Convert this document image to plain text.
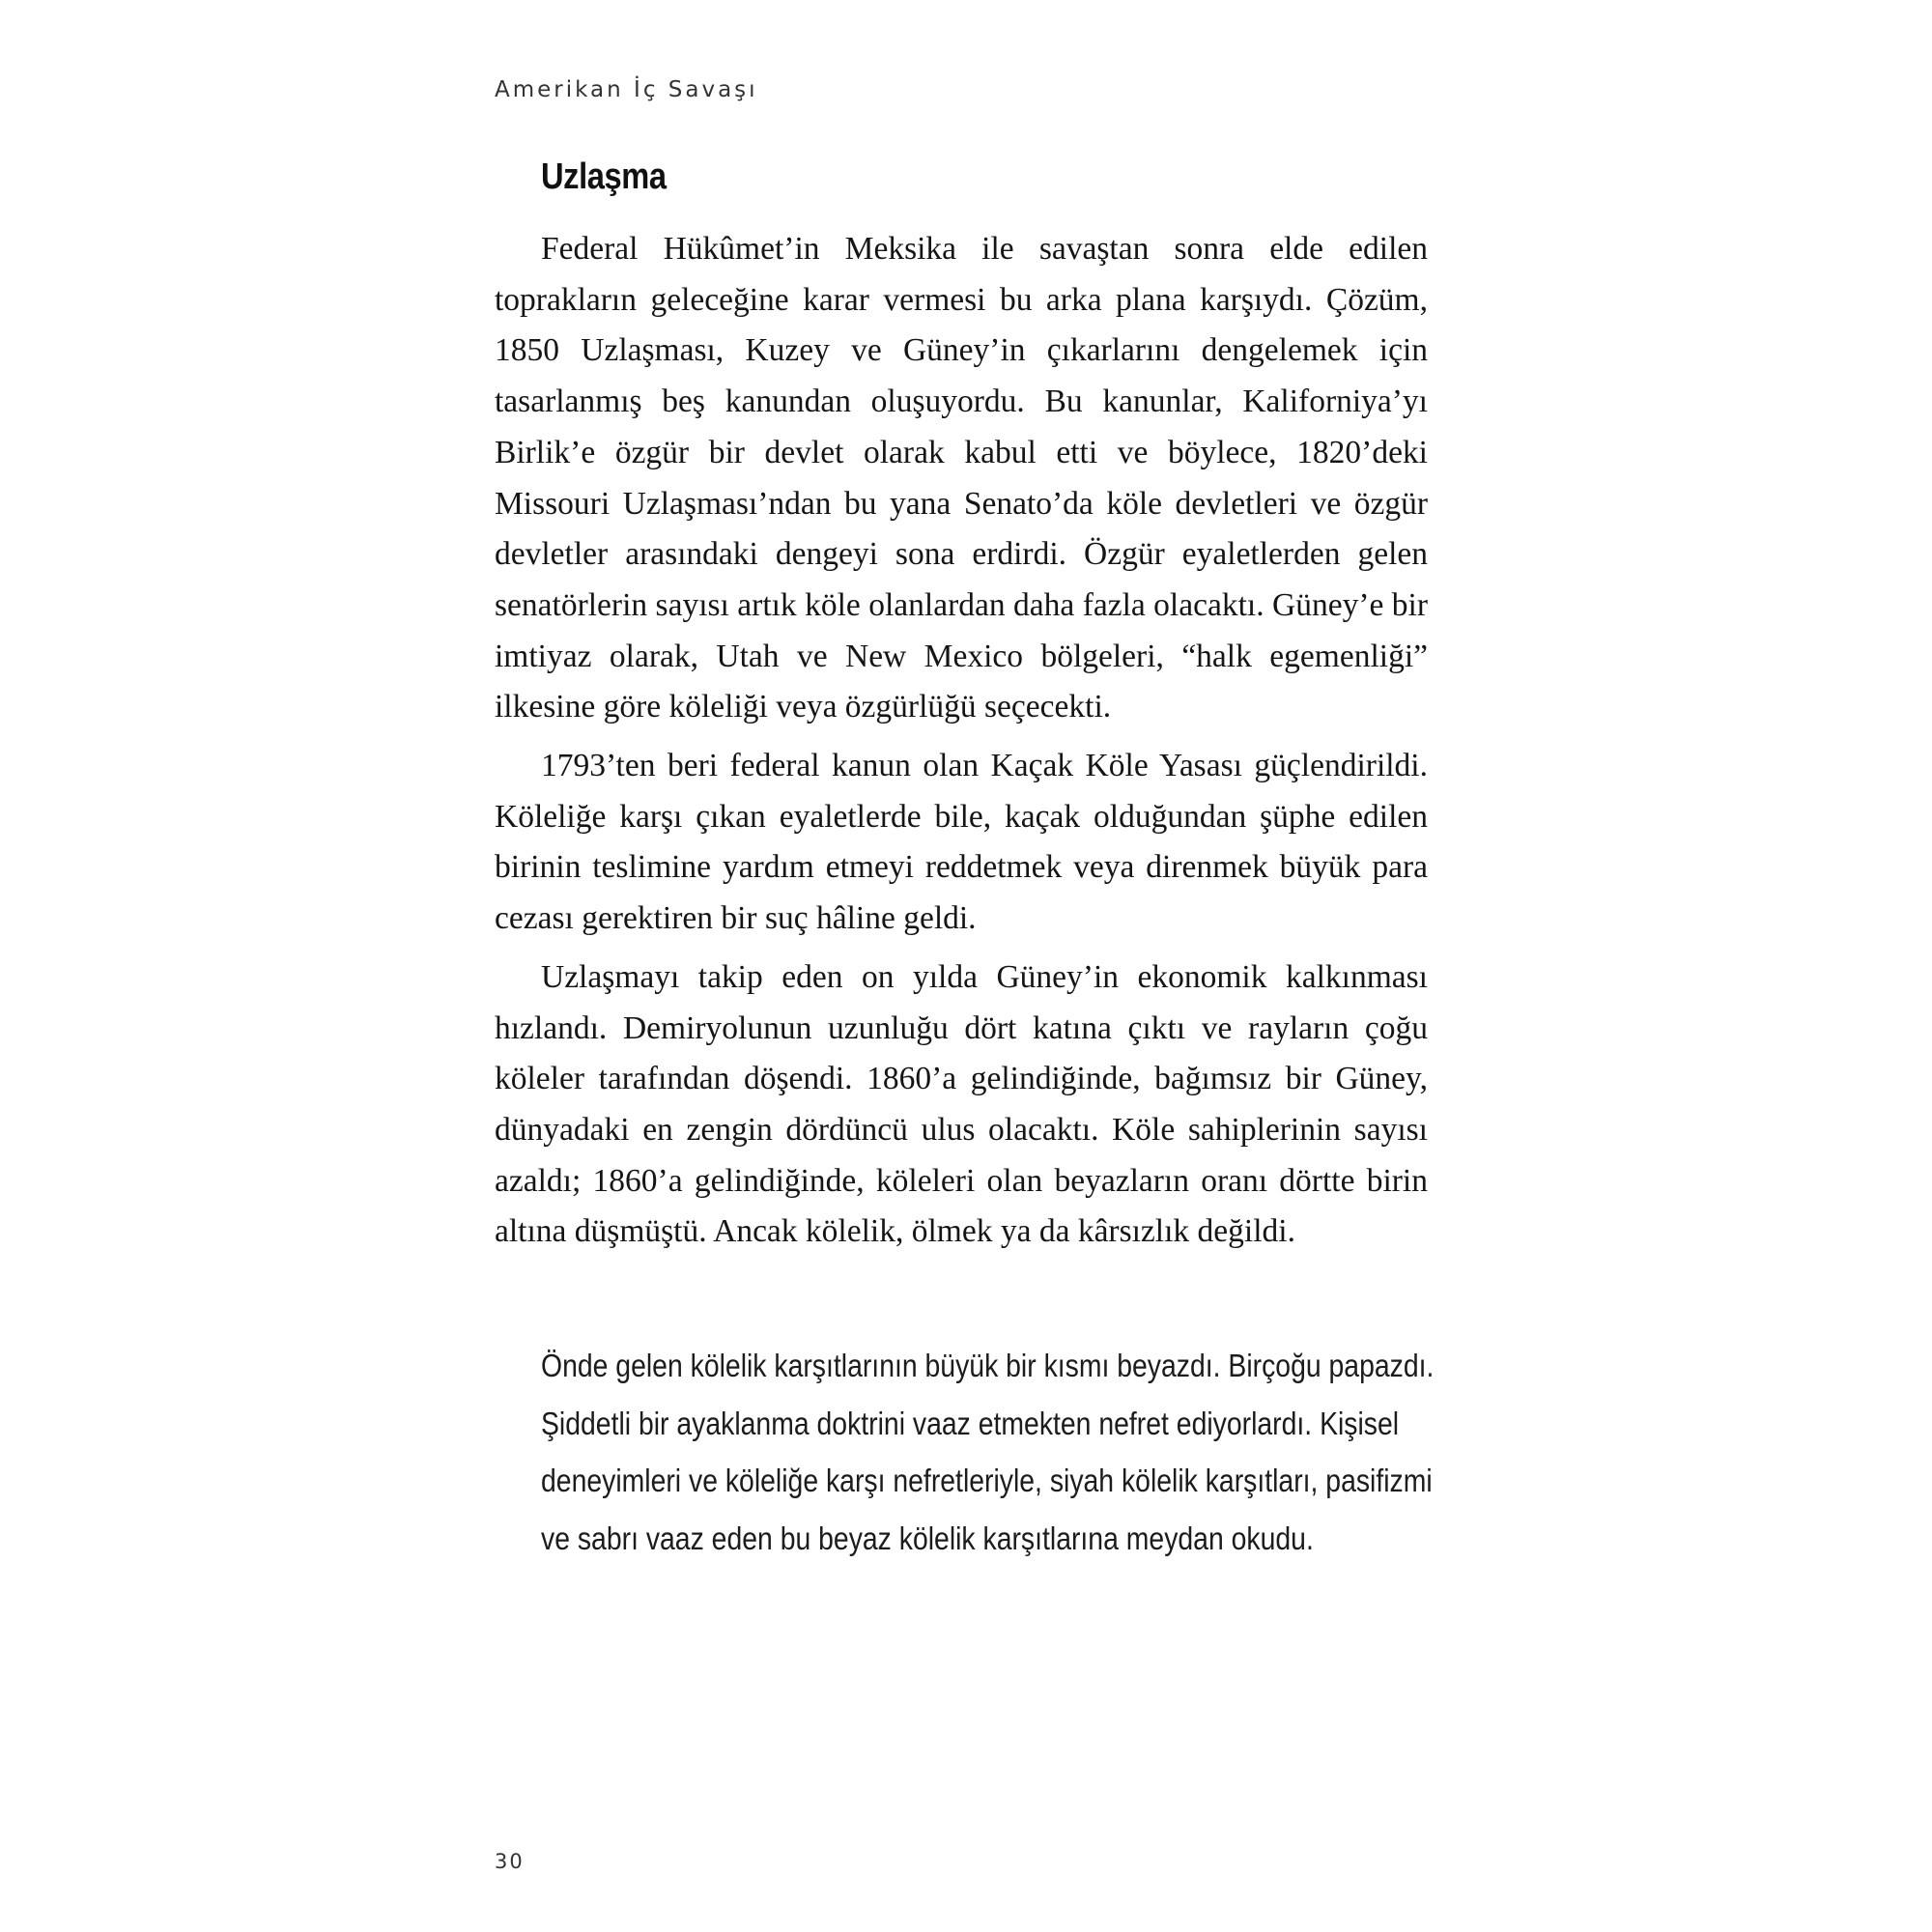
Amerikan İç Savaşı
Uzlaşma

Federal Hükûmet’in Meksika ile savaştan sonra elde edilen toprakların geleceğine karar vermesi bu arka plana karşıydı. Çözüm, 1850 Uzlaşması, Kuzey ve Güney’in çıkarlarını dengelemek için tasarlanmış beş kanundan oluşuyordu. Bu kanunlar, Kaliforniya’yı Birlik’e özgür bir devlet olarak kabul etti ve böylece, 1820’deki Missouri Uzlaşması’ndan bu yana Senato’da köle devletleri ve özgür devletler arasındaki dengeyi sona erdirdi. Özgür eyaletlerden gelen senatörlerin sayısı artık köle olanlardan daha fazla olacaktı. Güney’e bir imtiyaz olarak, Utah ve New Mexico bölgeleri, “halk egemenliği” ilkesine göre köleliği veya özgürlüğü seçecekti.

1793’ten beri federal kanun olan Kaçak Köle Yasası güçlendirildi. Köleliğe karşı çıkan eyaletlerde bile, kaçak olduğundan şüphe edilen birinin teslimine yardım etmeyi reddetmek veya direnmek büyük para cezası gerektiren bir suç hâline geldi.

Uzlaşmayı takip eden on yılda Güney’in ekonomik kalkınması hızlandı. Demiryolunun uzunluğu dört katına çıktı ve rayların çoğu köleler tarafından döşendi. 1860’a gelindiğinde, bağımsız bir Güney, dünyadaki en zengin dördüncü ulus olacaktı. Köle sahiplerinin sayısı azaldı; 1860’a gelindiğinde, köleleri olan beyazların oranı dörtte birin altına düşmüştü. Ancak kölelik, ölmek ya da kârsızlık değildi.

Önde gelen kölelik karşıtlarının büyük bir kısmı beyazdı. Birçoğu papazdı.
Şiddetli bir ayaklanma doktrini vaaz etmekten nefret ediyorlardı. Kişisel
deneyimleri ve köleliğe karşı nefretleriyle, siyah kölelik karşıtları, pasifizmi
ve sabrı vaaz eden bu beyaz kölelik karşıtlarına meydan okudu.
30
